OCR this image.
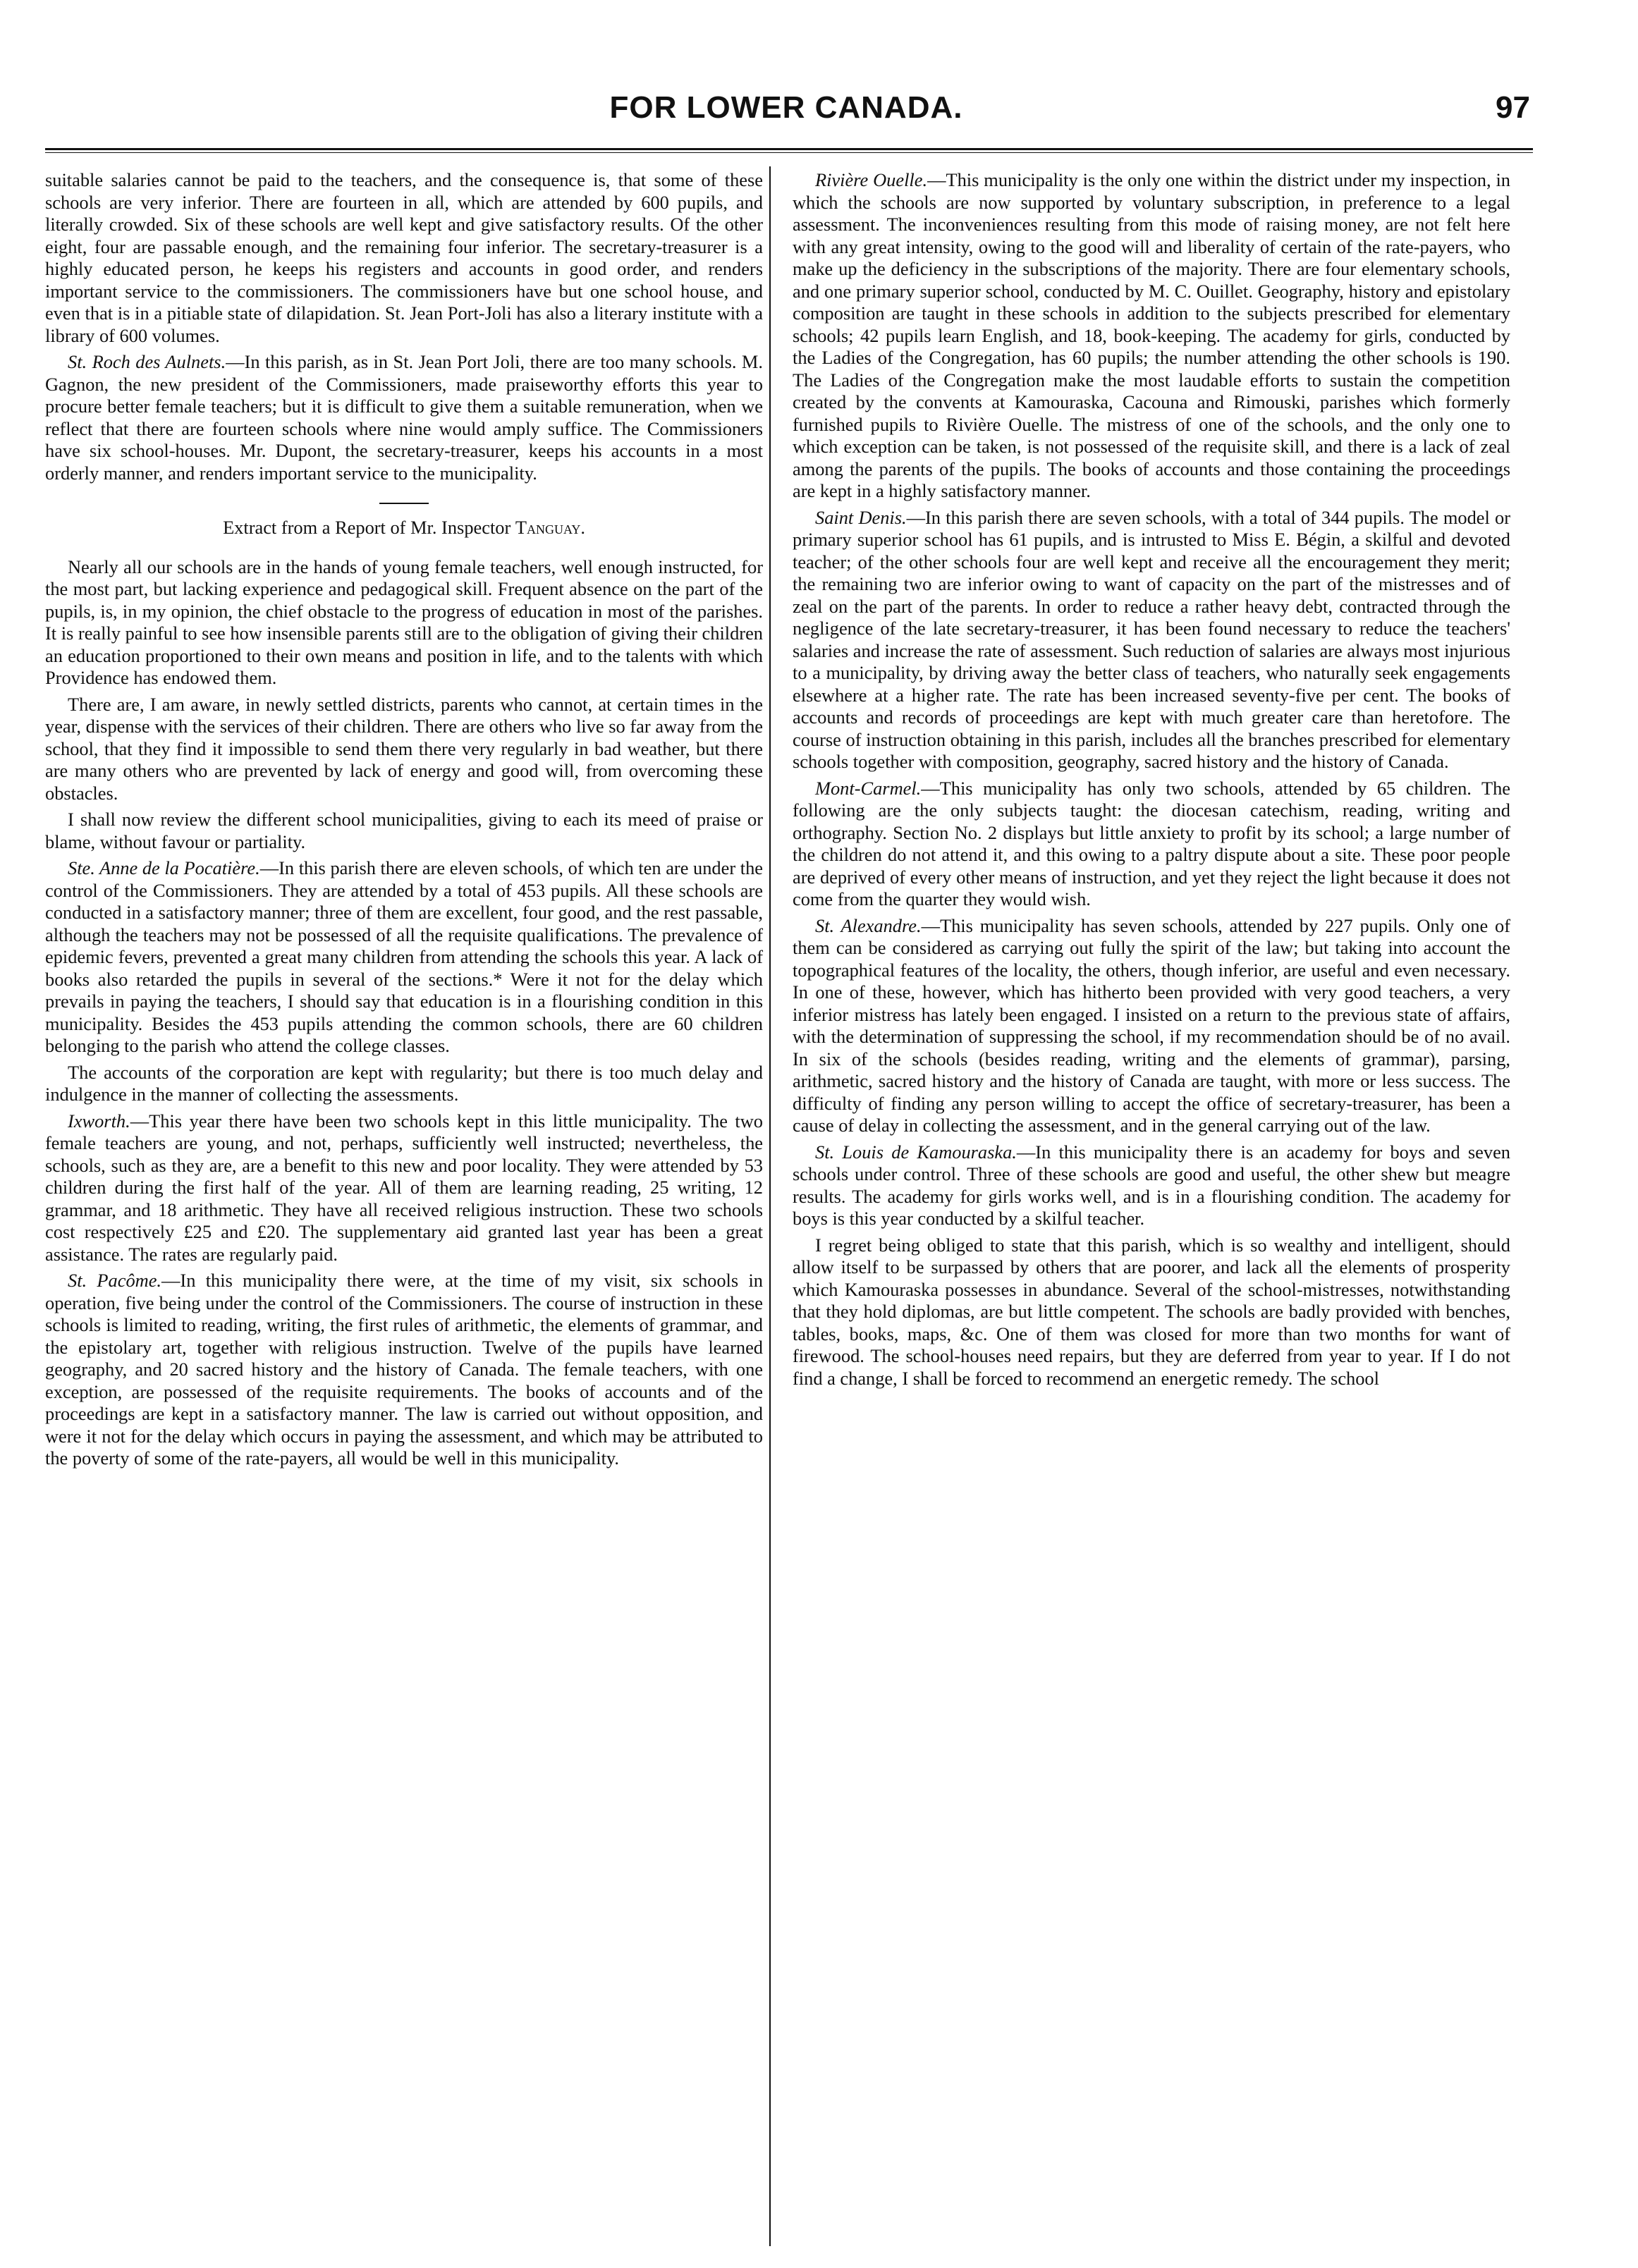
FOR LOWER CANADA.	97

suitable salaries cannot be paid to the teachers, and the consequence is, that some of these schools are very inferior. There are fourteen in all, which are attended by 600 pupils, and literally crowded. Six of these schools are well kept and give satisfactory results. Of the other eight, four are passable enough, and the remaining four inferior. The secretary-treasurer is a highly educated person, he keeps his registers and accounts in good order, and renders important service to the commissioners. The commissioners have but one school house, and even that is in a pitiable state of dilapidation. St. Jean Port-Joli has also a literary institute with a library of 600 volumes.

St. Roch des Aulnets.—In this parish, as in St. Jean Port Joli, there are too many schools. M. Gagnon, the new president of the Commissioners, made praiseworthy efforts this year to procure better female teachers; but it is difficult to give them a suitable remuneration, when we reflect that there are fourteen schools where nine would amply suffice. The Commissioners have six school-houses. Mr. Dupont, the secretary-treasurer, keeps his accounts in a most orderly manner, and renders important service to the municipality.

Extract from a Report of Mr. Inspector Tanguay.

Nearly all our schools are in the hands of young female teachers, well enough instructed, for the most part, but lacking experience and pedagogical skill. Frequent absence on the part of the pupils, is, in my opinion, the chief obstacle to the progress of education in most of the parishes. It is really painful to see how insensible parents still are to the obligation of giving their children an education proportioned to their own means and position in life, and to the talents with which Providence has endowed them.

There are, I am aware, in newly settled districts, parents who cannot, at certain times in the year, dispense with the services of their children. There are others who live so far away from the school, that they find it impossible to send them there very regularly in bad weather, but there are many others who are prevented by lack of energy and good will, from overcoming these obstacles.

I shall now review the different school municipalities, giving to each its meed of praise or blame, without favour or partiality.

Ste. Anne de la Pocatière.—In this parish there are eleven schools, of which ten are under the control of the Commissioners. They are attended by a total of 453 pupils. All these schools are conducted in a satisfactory manner; three of them are excellent, four good, and the rest passable, although the teachers may not be possessed of all the requisite qualifications. The prevalence of epidemic fevers, prevented a great many children from attending the schools this year. A lack of books also retarded the pupils in several of the sections.* Were it not for the delay which prevails in paying the teachers, I should say that education is in a flourishing condition in this municipality. Besides the 453 pupils attending the common schools, there are 60 children belonging to the parish who attend the college classes.

The accounts of the corporation are kept with regularity; but there is too much delay and indulgence in the manner of collecting the assessments.

Ixworth.—This year there have been two schools kept in this little municipality. The two female teachers are young, and not, perhaps, sufficiently well instructed; nevertheless, the schools, such as they are, are a benefit to this new and poor locality. They were attended by 53 children during the first half of the year. All of them are learning reading, 25 writing, 12 grammar, and 18 arithmetic. They have all received religious instruction. These two schools cost respectively £25 and £20. The supplementary aid granted last year has been a great assistance. The rates are regularly paid.

St. Pacôme.—In this municipality there were, at the time of my visit, six schools in operation, five being under the control of the Commissioners. The course of instruction in these schools is limited to reading, writing, the first rules of arithmetic, the elements of grammar, and the epistolary art, together with religious instruction. Twelve of the pupils have learned geography, and 20 sacred history and the history of Canada. The female teachers, with one exception, are possessed of the requisite requirements. The books of accounts and of the proceedings are kept in a satisfactory manner. The law is carried out without opposition, and were it not for the delay which occurs in paying the assessment, and which may be attributed to the poverty of some of the rate-payers, all would be well in this municipality.

Rivière Ouelle.—This municipality is the only one within the district under my inspection, in which the schools are now supported by voluntary subscription, in preference to a legal assessment. The inconveniences resulting from this mode of raising money, are not felt here with any great intensity, owing to the good will and liberality of certain of the rate-payers, who make up the deficiency in the subscriptions of the majority. There are four elementary schools, and one primary superior school, conducted by M. C. Ouillet. Geography, history and epistolary composition are taught in these schools in addition to the subjects prescribed for elementary schools; 42 pupils learn English, and 18, book-keeping. The academy for girls, conducted by the Ladies of the Congregation, has 60 pupils; the number attending the other schools is 190. The Ladies of the Congregation make the most laudable efforts to sustain the competition created by the convents at Kamouraska, Cacouna and Rimouski, parishes which formerly furnished pupils to Rivière Ouelle. The mistress of one of the schools, and the only one to which exception can be taken, is not possessed of the requisite skill, and there is a lack of zeal among the parents of the pupils. The books of accounts and those containing the proceedings are kept in a highly satisfactory manner.

Saint Denis.—In this parish there are seven schools, with a total of 344 pupils. The model or primary superior school has 61 pupils, and is intrusted to Miss E. Bégin, a skilful and devoted teacher; of the other schools four are well kept and receive all the encouragement they merit; the remaining two are inferior owing to want of capacity on the part of the mistresses and of zeal on the part of the parents. In order to reduce a rather heavy debt, contracted through the negligence of the late secretary-treasurer, it has been found necessary to reduce the teachers' salaries and increase the rate of assessment. Such reduction of salaries are always most injurious to a municipality, by driving away the better class of teachers, who naturally seek engagements elsewhere at a higher rate. The rate has been increased seventy-five per cent. The books of accounts and records of proceedings are kept with much greater care than heretofore. The course of instruction obtaining in this parish, includes all the branches prescribed for elementary schools together with composition, geography, sacred history and the history of Canada.

Mont-Carmel.—This municipality has only two schools, attended by 65 children. The following are the only subjects taught: the diocesan catechism, reading, writing and orthography. Section No. 2 displays but little anxiety to profit by its school; a large number of the children do not attend it, and this owing to a paltry dispute about a site. These poor people are deprived of every other means of instruction, and yet they reject the light because it does not come from the quarter they would wish.

St. Alexandre.—This municipality has seven schools, attended by 227 pupils. Only one of them can be considered as carrying out fully the spirit of the law; but taking into account the topographical features of the locality, the others, though inferior, are useful and even necessary. In one of these, however, which has hitherto been provided with very good teachers, a very inferior mistress has lately been engaged. I insisted on a return to the previous state of affairs, with the determination of suppressing the school, if my recommendation should be of no avail. In six of the schools (besides reading, writing and the elements of grammar), parsing, arithmetic, sacred history and the history of Canada are taught, with more or less success. The difficulty of finding any person willing to accept the office of secretary-treasurer, has been a cause of delay in collecting the assessment, and in the general carrying out of the law.

St. Louis de Kamouraska.—In this municipality there is an academy for boys and seven schools under control. Three of these schools are good and useful, the other shew but meagre results. The academy for girls works well, and is in a flourishing condition. The academy for boys is this year conducted by a skilful teacher.

I regret being obliged to state that this parish, which is so wealthy and intelligent, should allow itself to be surpassed by others that are poorer, and lack all the elements of prosperity which Kamouraska possesses in abundance. Several of the school-mistresses, notwithstanding that they hold diplomas, are but little competent. The schools are badly provided with benches, tables, books, maps, &c. One of them was closed for more than two months for want of firewood. The school-houses need repairs, but they are deferred from year to year. If I do not find a change, I shall be forced to recommend an energetic remedy. The school
